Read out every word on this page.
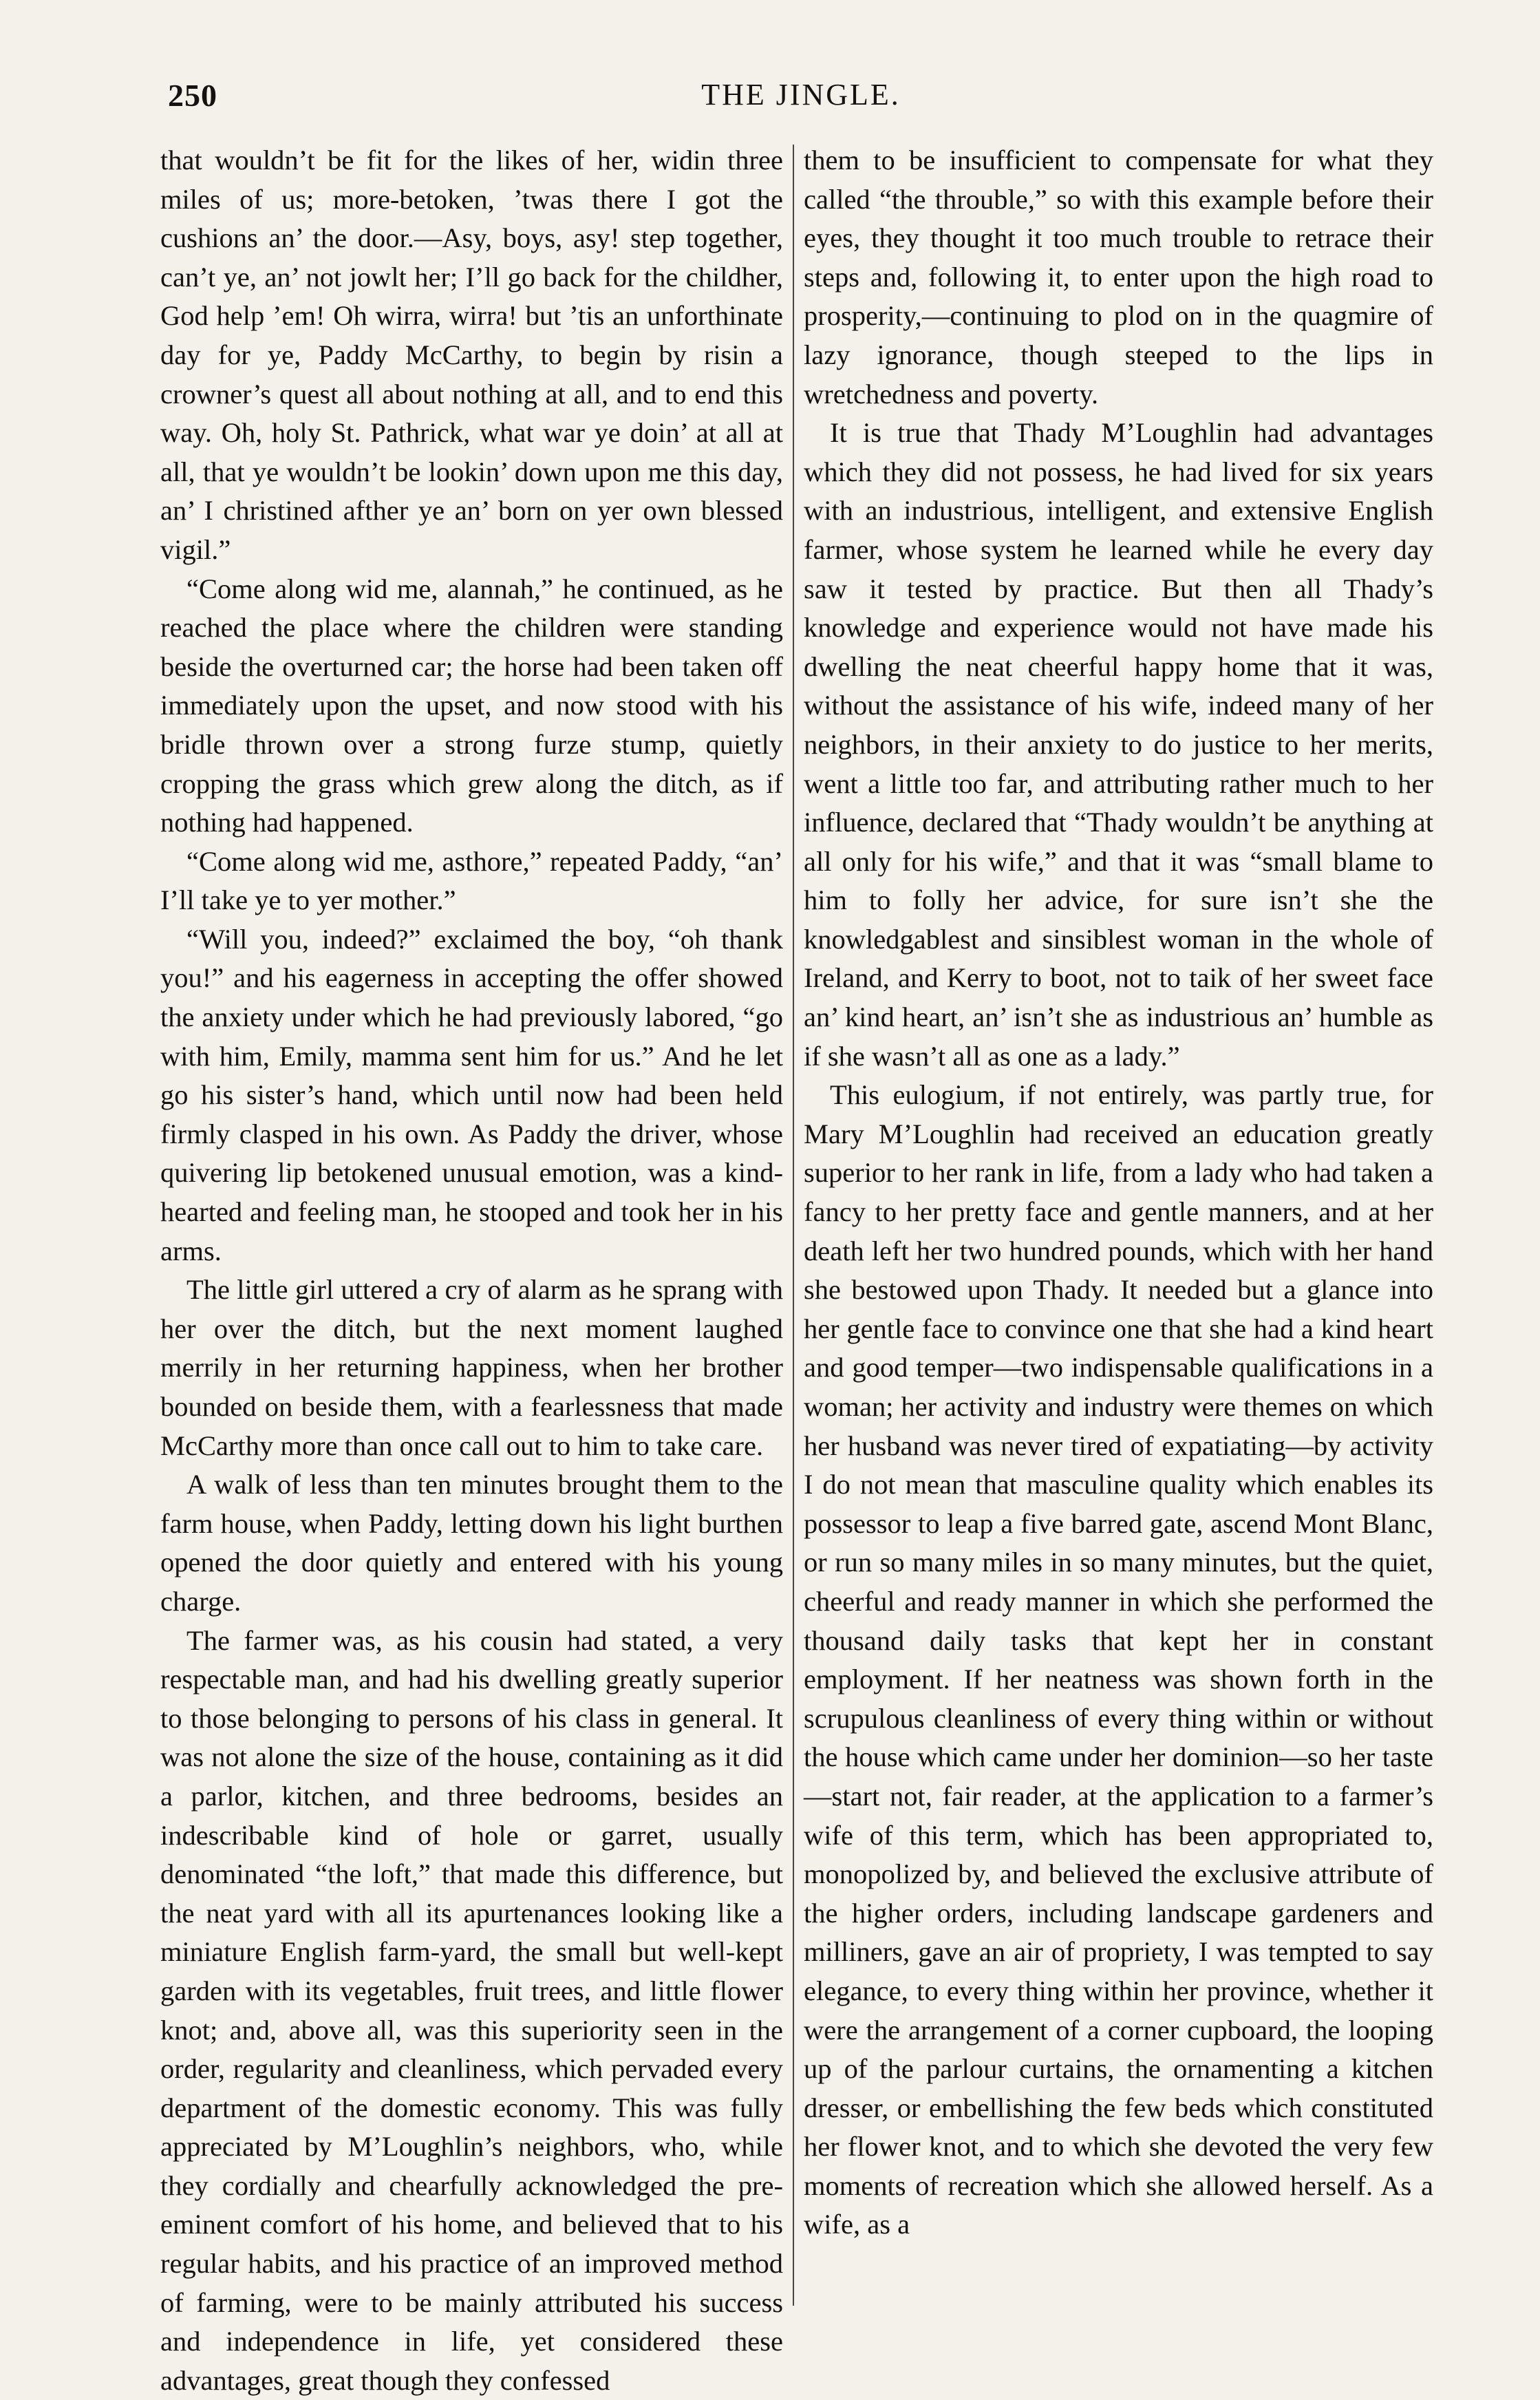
250	THE JINGLE.

that wouldn’t be fit for the likes of her, widin three miles of us; more-betoken, ’twas there I got the cushions an’ the door.—Asy, boys, asy! step together, can’t ye, an’ not jowlt her; I’ll go back for the childher, God help ’em! Oh wirra, wirra! but ’tis an unforthinate day for ye, Paddy McCarthy, to begin by risin a crowner’s quest all about nothing at all, and to end this way. Oh, holy St. Pathrick, what war ye doin’ at all at all, that ye wouldn’t be lookin’ down upon me this day, an’ I christined afther ye an’ born on yer own blessed vigil.”

“Come along wid me, alannah,” he continued, as he reached the place where the children were standing beside the overturned car; the horse had been taken off immediately upon the upset, and now stood with his bridle thrown over a strong furze stump, quietly cropping the grass which grew along the ditch, as if nothing had happened.

“Come along wid me, asthore,” repeated Paddy, “an’ I’ll take ye to yer mother.”

“Will you, indeed?” exclaimed the boy, “oh thank you!” and his eagerness in accepting the offer showed the anxiety under which he had previously labored, “go with him, Emily, mamma sent him for us.” And he let go his sister’s hand, which until now had been held firmly clasped in his own. As Paddy the driver, whose quivering lip betokened unusual emotion, was a kind-hearted and feeling man, he stooped and took her in his arms.

The little girl uttered a cry of alarm as he sprang with her over the ditch, but the next moment laughed merrily in her returning happiness, when her brother bounded on beside them, with a fearlessness that made McCarthy more than once call out to him to take care.

A walk of less than ten minutes brought them to the farm house, when Paddy, letting down his light burthen opened the door quietly and entered with his young charge.

The farmer was, as his cousin had stated, a very respectable man, and had his dwelling greatly superior to those belonging to persons of his class in general. It was not alone the size of the house, containing as it did a parlor, kitchen, and three bedrooms, besides an indescribable kind of hole or garret, usually denominated “the loft,” that made this difference, but the neat yard with all its apurtenances looking like a miniature English farm-yard, the small but well-kept garden with its vegetables, fruit trees, and little flower knot; and, above all, was this superiority seen in the order, regularity and cleanliness, which pervaded every department of the domestic economy. This was fully appreciated by M’Loughlin’s neighbors, who, while they cordially and chearfully acknowledged the pre-eminent comfort of his home, and believed that to his regular habits, and his practice of an improved method of farming, were to be mainly attributed his success and independence in life, yet considered these advantages, great though they confessed

them to be insufficient to compensate for what they called “the throuble,” so with this example before their eyes, they thought it too much trouble to retrace their steps and, following it, to enter upon the high road to prosperity,—continuing to plod on in the quagmire of lazy ignorance, though steeped to the lips in wretchedness and poverty.

It is true that Thady M’Loughlin had advantages which they did not possess, he had lived for six years with an industrious, intelligent, and extensive English farmer, whose system he learned while he every day saw it tested by practice. But then all Thady’s knowledge and experience would not have made his dwelling the neat cheerful happy home that it was, without the assistance of his wife, indeed many of her neighbors, in their anxiety to do justice to her merits, went a little too far, and attributing rather much to her influence, declared that “Thady wouldn’t be anything at all only for his wife,” and that it was “small blame to him to folly her advice, for sure isn’t she the knowledgablest and sinsiblest woman in the whole of Ireland, and Kerry to boot, not to taik of her sweet face an’ kind heart, an’ isn’t she as industrious an’ humble as if she wasn’t all as one as a lady.”

This eulogium, if not entirely, was partly true, for Mary M’Loughlin had received an education greatly superior to her rank in life, from a lady who had taken a fancy to her pretty face and gentle manners, and at her death left her two hundred pounds, which with her hand she bestowed upon Thady. It needed but a glance into her gentle face to convince one that she had a kind heart and good temper—two indispensable qualifications in a woman; her activity and industry were themes on which her husband was never tired of expatiating—by activity I do not mean that masculine quality which enables its possessor to leap a five barred gate, ascend Mont Blanc, or run so many miles in so many minutes, but the quiet, cheerful and ready manner in which she performed the thousand daily tasks that kept her in constant employment. If her neatness was shown forth in the scrupulous cleanliness of every thing within or without the house which came under her dominion—so her taste—start not, fair reader, at the application to a farmer’s wife of this term, which has been appropriated to, monopolized by, and believed the exclusive attribute of the higher orders, including landscape gardeners and milliners, gave an air of propriety, I was tempted to say elegance, to every thing within her province, whether it were the arrangement of a corner cupboard, the looping up of the parlour curtains, the ornamenting a kitchen dresser, or embellishing the few beds which constituted her flower knot, and to which she devoted the very few moments of recreation which she allowed herself. As a wife, as a
